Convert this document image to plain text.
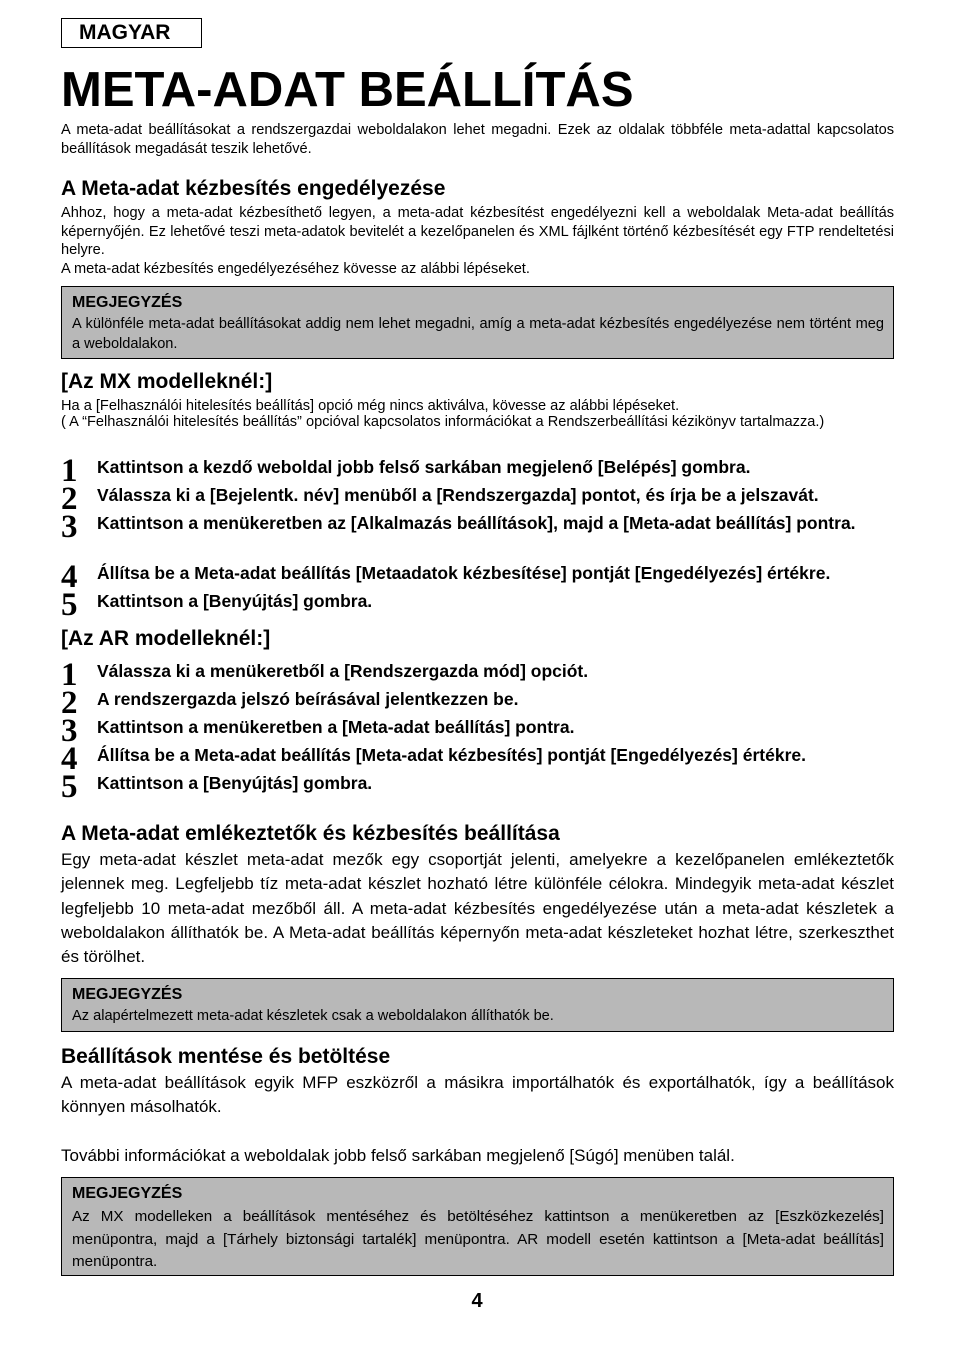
MAGYAR
META-ADAT BEÁLLÍTÁS

A meta-adat beállításokat a rendszergazdai weboldalakon lehet megadni. Ezek az oldalak többféle meta-adattal kapcsolatos beállítások megadását teszik lehetővé.

A Meta-adat kézbesítés engedélyezése

Ahhoz, hogy a meta-adat kézbesíthető legyen, a meta-adat kézbesítést engedélyezni kell a weboldalak Meta-adat beállítás képernyőjén. Ez lehetővé teszi meta-adatok bevitelét a kezelőpanelen és XML fájlként történő kézbesítését egy FTP rendeltetési helyre.

A meta-adat kézbesítés engedélyezéséhez kövesse az alábbi lépéseket.

MEGJEGYZÉS

A különféle meta-adat beállításokat addig nem lehet megadni, amíg a meta-adat kézbesítés engedélyezése nem történt meg a weboldalakon.

[Az MX modelleknél:]

Ha a [Felhasználói hitelesítés beállítás] opció még nincs aktiválva, kövesse az alábbi lépéseket.

( A “Felhasználói hitelesítés beállítás” opcióval kapcsolatos információkat a Rendszerbeállítási kézikönyv tartalmazza.)

1 Kattintson a kezdő weboldal jobb felső sarkában megjelenő [Belépés] gombra.
2 Válassza ki a [Bejelentk. név] menüből a [Rendszergazda] pontot, és írja be a jelszavát.
3 Kattintson a menükeretben az [Alkalmazás beállítások], majd a [Meta-adat beállítás] pontra.
4 Állítsa be a Meta-adat beállítás [Metaadatok kézbesítése] pontját [Engedélyezés] értékre.
5 Kattintson a [Benyújtás] gombra.
[Az AR modelleknél:]
1 Válassza ki a menükeretből a [Rendszergazda mód] opciót.
2 A rendszergazda jelszó beírásával jelentkezzen be.
3 Kattintson a menükeretben a [Meta-adat beállítás] pontra.
4 Állítsa be a Meta-adat beállítás [Meta-adat kézbesítés] pontját [Engedélyezés] értékre.
5 Kattintson a [Benyújtás] gombra.
A Meta-adat emlékeztetők és kézbesítés beállítása

Egy meta-adat készlet meta-adat mezők egy csoportját jelenti, amelyekre a kezelőpanelen emlékeztetők jelennek meg. Legfeljebb tíz meta-adat készlet hozható létre különféle célokra. Mindegyik meta-adat készlet legfeljebb 10 meta-adat mezőből áll. A meta-adat kézbesítés engedélyezése után a meta-adat készletek a weboldalakon állíthatók be. A Meta-adat beállítás képernyőn meta-adat készleteket hozhat létre, szerkeszthet és törölhet.

MEGJEGYZÉS

Az alapértelmezett meta-adat készletek csak a weboldalakon állíthatók be.

Beállítások mentése és betöltése

A meta-adat beállítások egyik MFP eszközről a másikra importálhatók és exportálhatók, így a beállítások könnyen másolhatók.

További információkat a weboldalak jobb felső sarkában megjelenő [Súgó] menüben talál.

MEGJEGYZÉS

Az MX modelleken a beállítások mentéséhez és betöltéséhez kattintson a menükeretben az [Eszközkezelés] menüpontra, majd a [Tárhely biztonsági tartalék] menüpontra. AR modell esetén kattintson a [Meta-adat beállítás] menüpontra.

4
